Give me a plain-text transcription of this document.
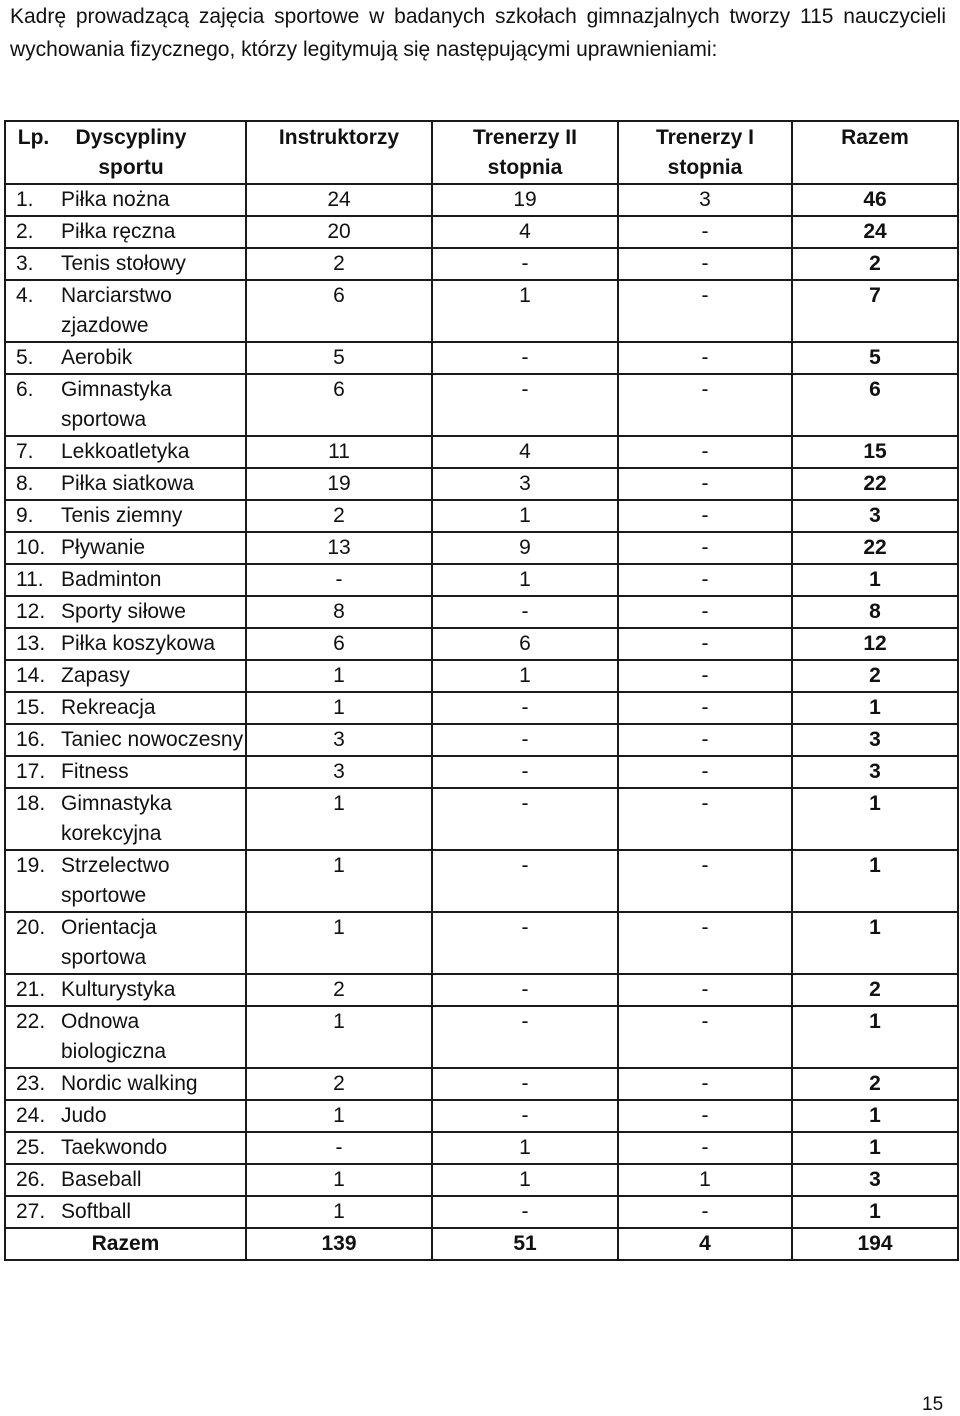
Kadrę prowadzącą zajęcia sportowe w badanych szkołach gimnazjalnych tworzy 115 nauczycieli wychowania fizycznego, którzy legitymują się następującymi uprawnieniami:
Lp.	Dyscypliny sportu	Instruktorzy	Trenerzy II stopnia	Trenerzy I stopnia	Razem
1.	Piłka nożna	24	19	3	46
2.	Piłka ręczna	20	4	-	24
3.	Tenis stołowy	2	-	-	2
4.	Narciarstwo zjazdowe	6	1	-	7
5.	Aerobik	5	-	-	5
6.	Gimnastyka sportowa	6	-	-	6
7.	Lekkoatletyka	11	4	-	15
8.	Piłka siatkowa	19	3	-	22
9.	Tenis ziemny	2	1	-	3
10.	Pływanie	13	9	-	22
11.	Badminton	-	1	-	1
12.	Sporty siłowe	8	-	-	8
13.	Piłka koszykowa	6	6	-	12
14.	Zapasy	1	1	-	2
15.	Rekreacja	1	-	-	1
16.	Taniec nowoczesny	3	-	-	3
17.	Fitness	3	-	-	3
18.	Gimnastyka korekcyjna	1	-	-	1
19.	Strzelectwo sportowe	1	-	-	1
20.	Orientacja sportowa	1	-	-	1
21.	Kulturystyka	2	-	-	2
22.	Odnowa biologiczna	1	-	-	1
23.	Nordic walking	2	-	-	2
24.	Judo	1	-	-	1
25.	Taekwondo	-	1	-	1
26.	Baseball	1	1	1	3
27.	Softball	1	-	-	1
Razem		139	51	4	194
15
